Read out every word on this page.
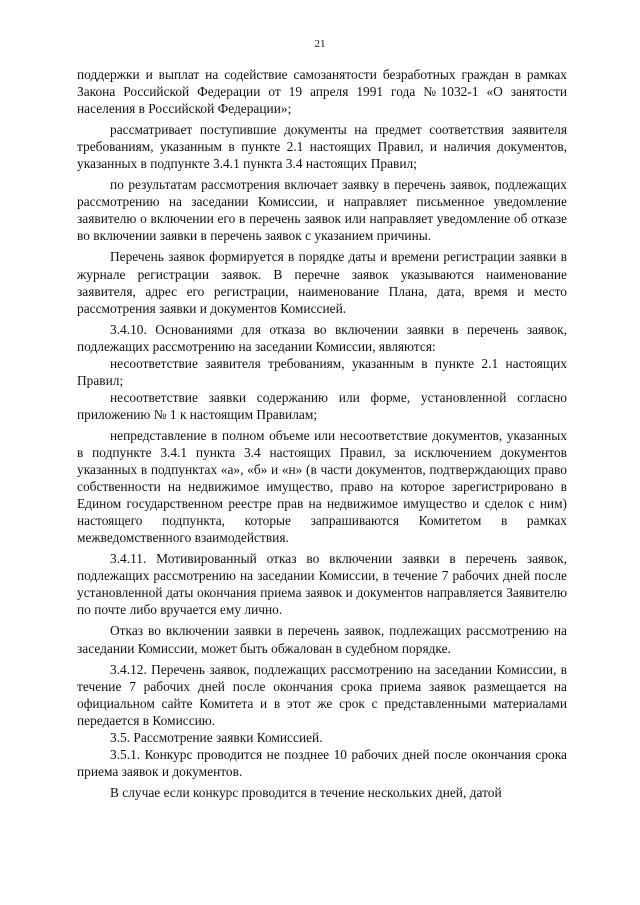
21

поддержки и выплат на содействие самозанятости безработных граждан в рамках Закона Российской Федерации от 19 апреля 1991 года №1032-1 «О занятости населения в Российской Федерации»;

рассматривает поступившие документы на предмет соответствия заявителя требованиям, указанным в пункте 2.1 настоящих Правил, и наличия документов, указанных в подпункте 3.4.1 пункта 3.4 настоящих Правил;

по результатам рассмотрения включает заявку в перечень заявок, подлежащих рассмотрению на заседании Комиссии, и направляет письменное уведомление заявителю о включении его в перечень заявок или направляет уведомление об отказе во включении заявки в перечень заявок с указанием причины.

Перечень заявок формируется в порядке даты и времени регистрации заявки в журнале регистрации заявок. В перечне заявок указываются наименование заявителя, адрес его регистрации, наименование Плана, дата, время и место рассмотрения заявки и документов Комиссией.

3.4.10. Основаниями для отказа во включении заявки в перечень заявок, подлежащих рассмотрению на заседании Комиссии, являются:

несоответствие заявителя требованиям, указанным в пункте 2.1 настоящих Правил;

несоответствие заявки содержанию или форме, установленной согласно приложению № 1 к настоящим Правилам;

непредставление в полном объеме или несоответствие документов, указанных в подпункте 3.4.1 пункта 3.4 настоящих Правил, за исключением документов указанных в подпунктах «а», «б» и «н» (в части документов, подтверждающих право собственности на недвижимое имущество, право на которое зарегистрировано в Едином государственном реестре прав на недвижимое имущество и сделок с ним) настоящего подпункта, которые запрашиваются Комитетом в рамках межведомственного взаимодействия.

3.4.11. Мотивированный отказ во включении заявки в перечень заявок, подлежащих рассмотрению на заседании Комиссии, в течение 7 рабочих дней после установленной даты окончания приема заявок и документов направляется Заявителю по почте либо вручается ему лично.

Отказ во включении заявки в перечень заявок, подлежащих рассмотрению на заседании Комиссии, может быть обжалован в судебном порядке.

3.4.12. Перечень заявок, подлежащих рассмотрению на заседании Комиссии, в течение 7 рабочих дней после окончания срока приема заявок размещается на официальном сайте Комитета и в этот же срок с представленными материалами передается в Комиссию.

3.5. Рассмотрение заявки Комиссией.

3.5.1. Конкурс проводится не позднее 10 рабочих дней после окончания срока приема заявок и документов.

В случае если конкурс проводится в течение нескольких дней, датой
